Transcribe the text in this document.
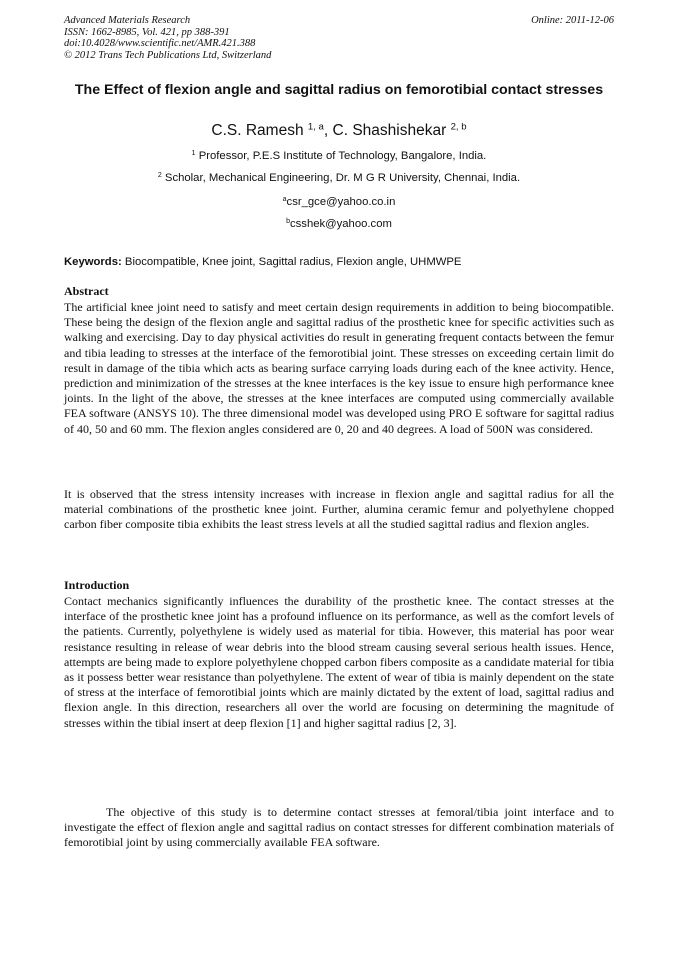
Advanced Materials Research
ISSN: 1662-8985, Vol. 421, pp 388-391
doi:10.4028/www.scientific.net/AMR.421.388
© 2012 Trans Tech Publications Ltd, Switzerland
Online: 2011-12-06
The Effect of flexion angle and sagittal radius on femorotibial contact stresses
C.S. Ramesh $^{1, a}$, C. Shashishekar $^{2, b}$
$^1$ Professor, P.E.S Institute of Technology, Bangalore, India.
$^2$ Scholar, Mechanical Engineering, Dr. M G R University, Chennai, India.
$^a$csr_gce@yahoo.co.in
$^b$csshek@yahoo.com
Keywords: Biocompatible, Knee joint, Sagittal radius, Flexion angle, UHMWPE
Abstract
The artificial knee joint need to satisfy and meet certain design requirements in addition to being biocompatible. These being the design of the flexion angle and sagittal radius of the prosthetic knee for specific activities such as walking and exercising. Day to day physical activities do result in generating frequent contacts between the femur and tibia leading to stresses at the interface of the femorotibial joint. These stresses on exceeding certain limit do result in damage of the tibia which acts as bearing surface carrying loads during each of the knee activity. Hence, prediction and minimization of the stresses at the knee interfaces is the key issue to ensure high performance knee joints. In the light of the above, the stresses at the knee interfaces are computed using commercially available FEA software (ANSYS 10). The three dimensional model was developed using PRO E software for sagittal radius of 40, 50 and 60 mm. The flexion angles considered are 0, 20 and 40 degrees. A load of 500N was considered.
It is observed that the stress intensity increases with increase in flexion angle and sagittal radius for all the material combinations of the prosthetic knee joint. Further, alumina ceramic femur and polyethylene chopped carbon fiber composite tibia exhibits the least stress levels at all the studied sagittal radius and flexion angles.
Introduction
Contact mechanics significantly influences the durability of the prosthetic knee. The contact stresses at the interface of the prosthetic knee joint has a profound influence on its performance, as well as the comfort levels of the patients. Currently, polyethylene is widely used as material for tibia. However, this material has poor wear resistance resulting in release of wear debris into the blood stream causing several serious health issues. Hence, attempts are being made to explore polyethylene chopped carbon fibers composite as a candidate material for tibia as it possess better wear resistance than polyethylene. The extent of wear of tibia is mainly dependent on the state of stress at the interface of femorotibial joints which are mainly dictated by the extent of load, sagittal radius and flexion angle. In this direction, researchers all over the world are focusing on determining the magnitude of stresses within the tibial insert at deep flexion [1] and higher sagittal radius [2, 3].
The objective of this study is to determine contact stresses at femoral/tibia joint interface and to investigate the effect of flexion angle and sagittal radius on contact stresses for different combination materials of femorotibial joint by using commercially available FEA software.
